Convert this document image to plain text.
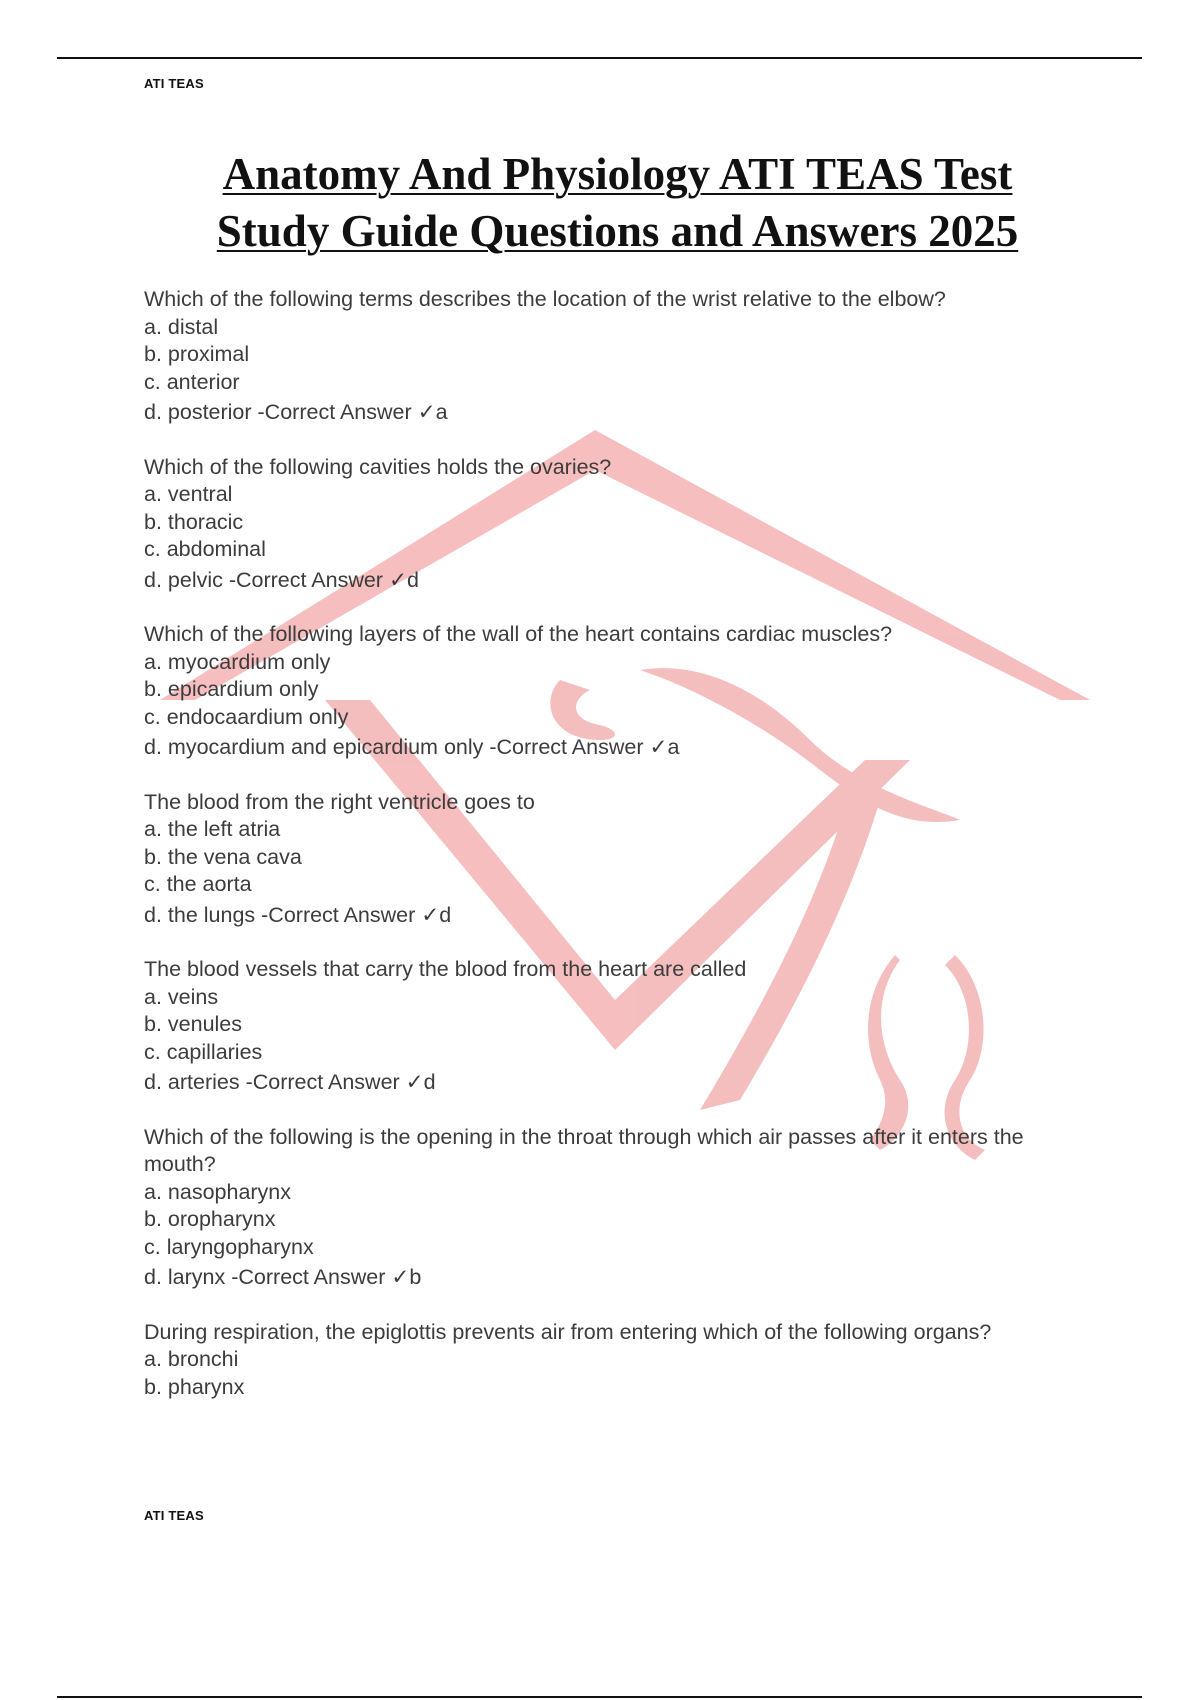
ATI TEAS
Anatomy And Physiology ATI TEAS Test
Study Guide Questions and Answers 2025
Which of the following terms describes the location of the wrist relative to the elbow?
a. distal
b. proximal
c. anterior
d. posterior -Correct Answer ✓a
Which of the following cavities holds the ovaries?
a. ventral
b. thoracic
c. abdominal
d. pelvic -Correct Answer ✓d
Which of the following layers of the wall of the heart contains cardiac muscles?
a. myocardium only
b. epicardium only
c. endocaardium only
d. myocardium and epicardium only -Correct Answer ✓a
The blood from the right ventricle goes to
a. the left atria
b. the vena cava
c. the aorta
d. the lungs -Correct Answer ✓d
The blood vessels that carry the blood from the heart are called
a. veins
b. venules
c. capillaries
d. arteries -Correct Answer ✓d
Which of the following is the opening in the throat through which air passes after it enters the mouth?
a. nasopharynx
b. oropharynx
c. laryngopharynx
d. larynx -Correct Answer ✓b
During respiration, the epiglottis prevents air from entering which of the following organs?
a. bronchi
b. pharynx
ATI TEAS
